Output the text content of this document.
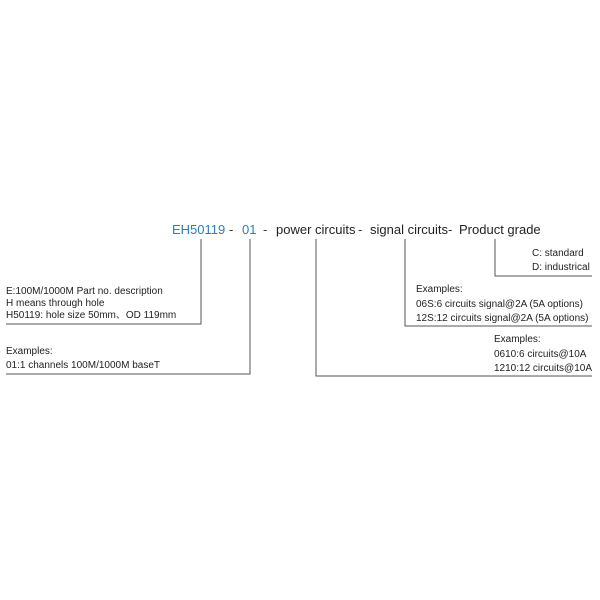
EH50119 - 01 - power circuits - signal circuits - Product grade
C: standard
D: industrical
E:100M/1000M Part no. description
H means through hole
H50119: hole size 50mm、OD 119mm
Examples:
06S:6 circuits signal@2A (5A options)
12S:12 circuits signal@2A (5A options)
Examples:
0610:6 circuits@10A
1210:12 circuits@10A
Examples:
01:1 channels 100M/1000M baseT
